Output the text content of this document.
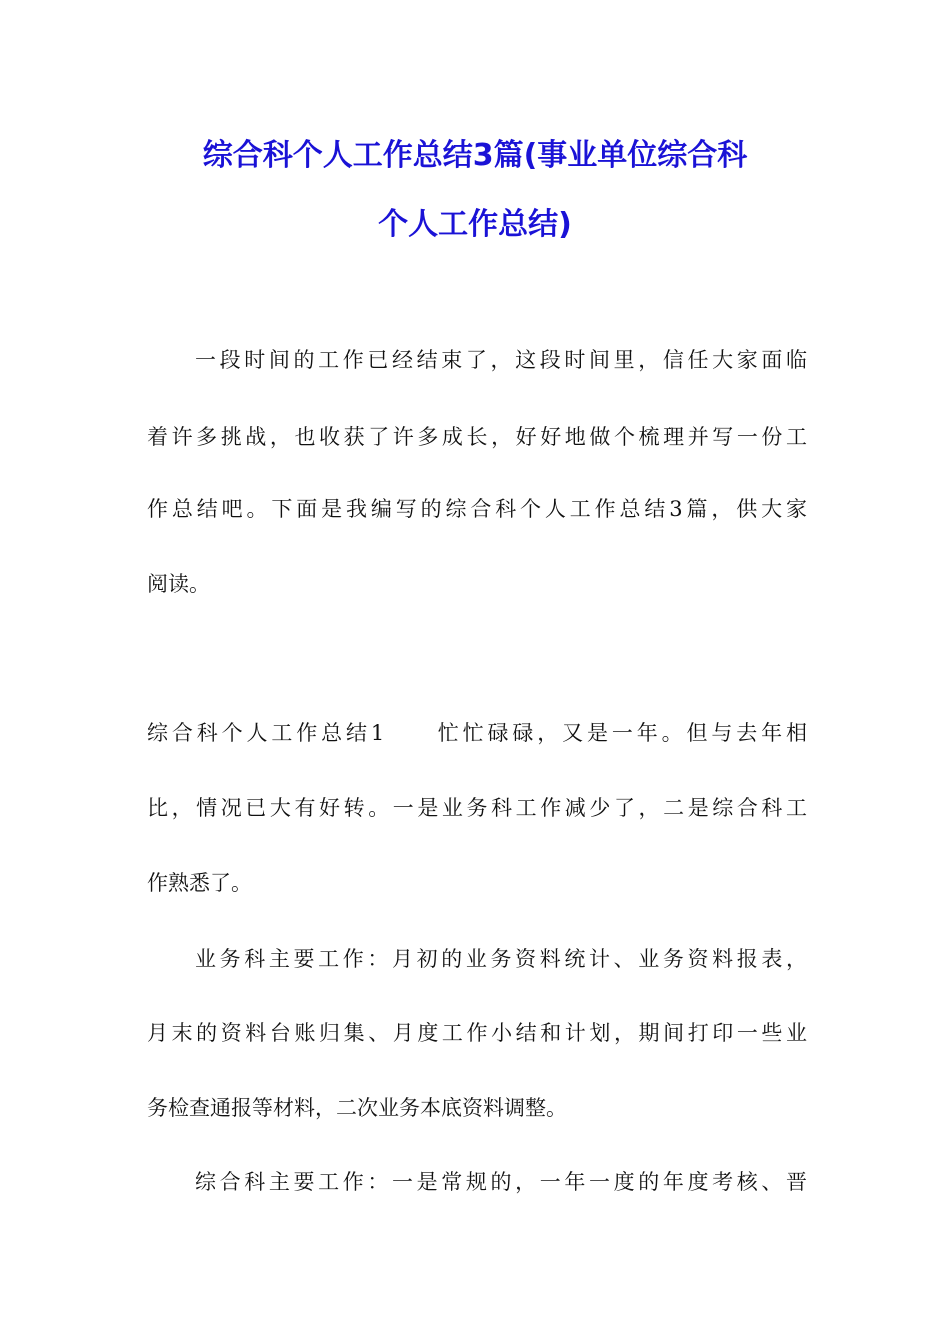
综合科个人工作总结3篇(事业单位综合科
个人工作总结)
一段时间的工作已经结束了，这段时间里，信任大家面临
着许多挑战，也收获了许多成长，好好地做个梳理并写一份工
作总结吧。下面是我编写的综合科个人工作总结3篇，供大家
阅读。
综合科个人工作总结1　　忙忙碌碌，又是一年。但与去年相
比，情况已大有好转。一是业务科工作减少了，二是综合科工
作熟悉了。
业务科主要工作：月初的业务资料统计、业务资料报表，
月末的资料台账归集、月度工作小结和计划，期间打印一些业
务检查通报等材料，二次业务本底资料调整。
综合科主要工作：一是常规的，一年一度的年度考核、晋
